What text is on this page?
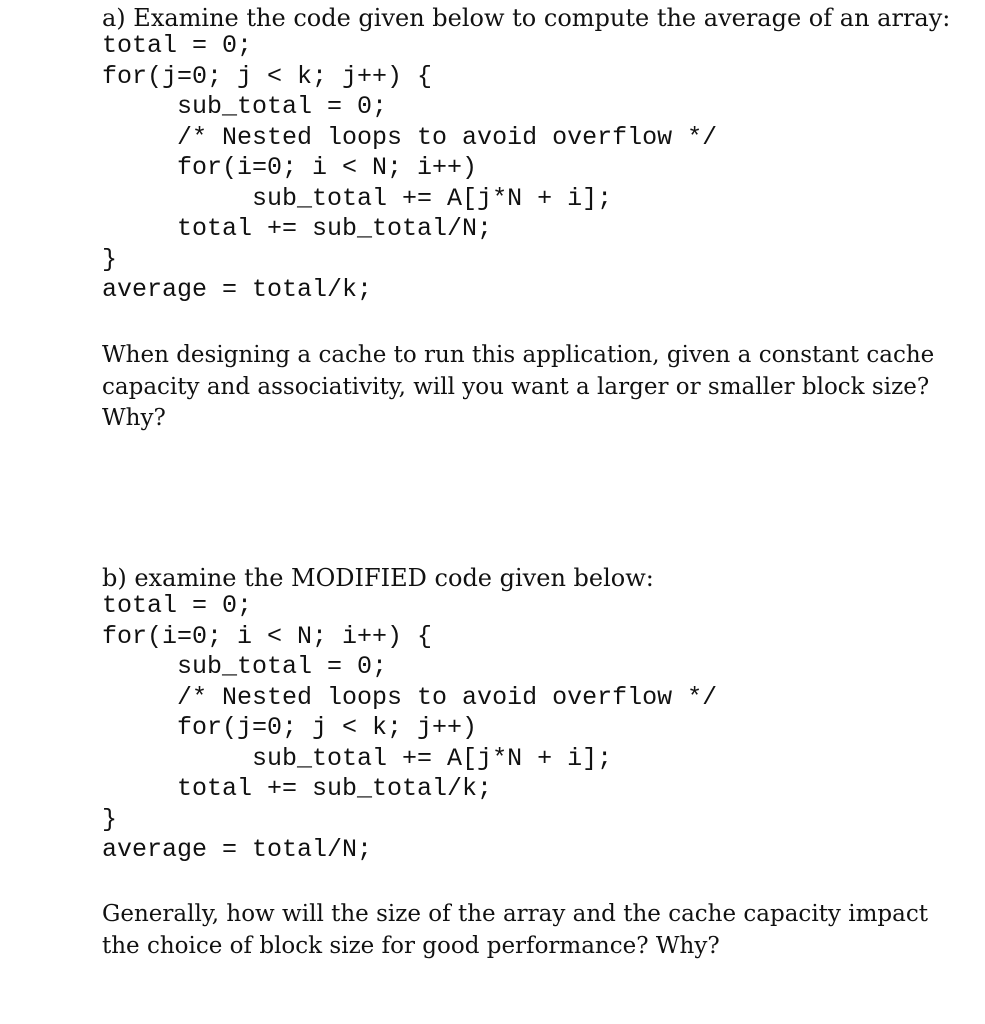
a) Examine the code given below to compute the average of an array:

total = 0;
for(j=0; j < k; j++) {
sub_total = 0;
/* Nested loops to avoid overflow */
for(i=0; i < N; i++)
sub_total += A[j*N + i];
total += sub_total/N;
}
average = total/k;
When designing a cache to run this application, given a constant cache
capacity and associativity, will you want a larger or smaller block size?
Why?

b) examine the MODIFIED code given below:

total = 0;
for(i=0; i < N; i++) {
sub_total = 0;
/* Nested loops to avoid overflow */
for(j=0; j < k; j++)
sub_total += A[j*N + i];
total += sub_total/k;
}
average = total/N;
Generally, how will the size of the array and the cache capacity impact
the choice of block size for good performance? Why?
